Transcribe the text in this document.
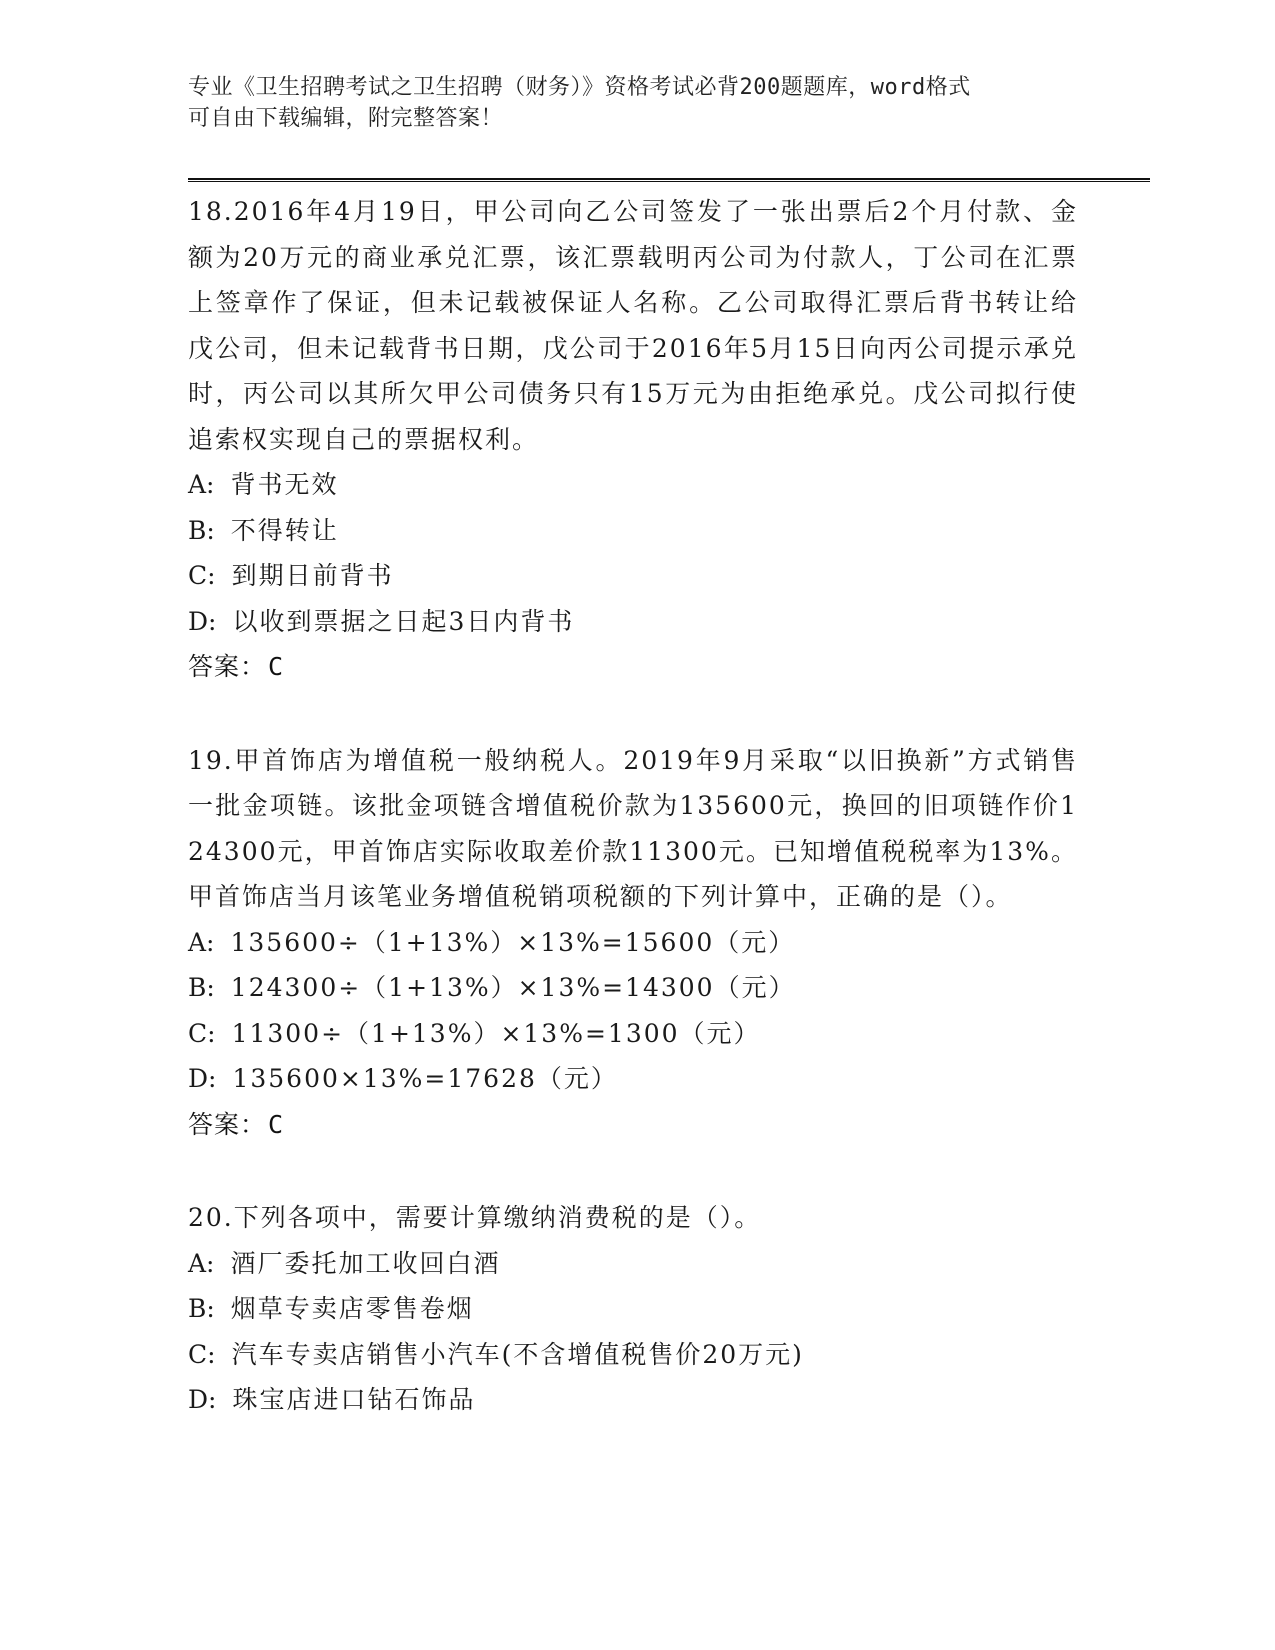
专业《卫生招聘考试之卫生招聘（财务）》资格考试必背200题题库，word格式
可自由下载编辑，附完整答案！

18.2016年4月19日，甲公司向乙公司签发了一张出票后2个月付款、金额为20万元的商业承兑汇票，该汇票载明丙公司为付款人，丁公司在汇票上签章作了保证，但未记载被保证人名称。乙公司取得汇票后背书转让给戊公司，但未记载背书日期，戊公司于2016年5月15日向丙公司提示承兑时，丙公司以其所欠甲公司债务只有15万元为由拒绝承兑。戊公司拟行使追索权实现自己的票据权利。

A: 背书无效
B: 不得转让
C: 到期日前背书
D: 以收到票据之日起3日内背书

答案：C

19.甲首饰店为增值税一般纳税人。2019年9月采取“以旧换新”方式销售一批金项链。该批金项链含增值税价款为135600元，换回的旧项链作价124300元，甲首饰店实际收取差价款11300元。已知增值税税率为13%。甲首饰店当月该笔业务增值税销项税额的下列计算中，正确的是（）。

A: 135600÷（1+13%）×13%=15600（元）
B: 124300÷（1+13%）×13%=14300（元）
C: 11300÷（1+13%）×13%=1300（元）
D: 135600×13%=17628（元）

答案：C

20.下列各项中，需要计算缴纳消费税的是（）。

A: 酒厂委托加工收回白酒
B: 烟草专卖店零售卷烟
C: 汽车专卖店销售小汽车(不含增值税售价20万元)
D: 珠宝店进口钻石饰品
